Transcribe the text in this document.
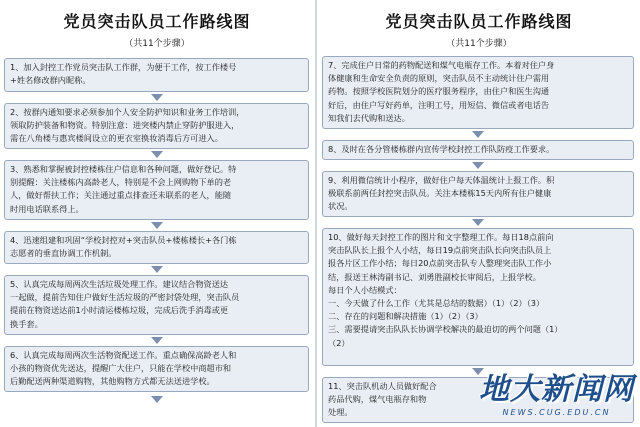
党员突击队员工作路线图
（共11个步骤）
1、加入封控工作党员突击队工作群，为便于工作，按工作楼号
+姓名修改群内昵称。
2、按群内通知要求必须参加个人安全防护知识和业务工作培训，
领取防护装备和物资。特别注意：进突楼内禁止穿防护服进入，
需在八角楼与惠宾楼间设立的更衣室换妆消毒后方可进入。
3、熟悉和掌握被封控楼栋住户信息和各种问题，做好登记。特
别提醒：关注楼栋内高龄老人，特别是不会上网购物下单的老
人，做好帮扶工作；关注通过重点排查还未联系的老人，能随
时用电话联系得上。
4、迅速组建和巩固“学校封控对+突击队员+楼栋楼长+各门栋
志愿者的垂直协调工作机制。
5、认真完成每周两次生活垃圾处理工作。建议结合物资送达
一起做，提前告知住户做好生活垃圾的严密封袋处理，突击队员
提前在物资送达前1小时清运楼栋垃圾，完成后洗手消毒或更
换手套。
6、认真完成每周两次生活物资配送工作。重点确保高龄老人和
小孩的物资优先送达，提醒广大住户，只能在学校中商超市和
后勤配送两种渠道购物，其他购物方式都无法送进学校。
党员突击队员工作路线图
（共11个步骤）
7、完成住户日常的药物配送和煤气电瓶存工作。本着对住户身
体健康和生命安全负责的原则，突击队员不主动统计住户需用
药物。按照学校医院划分的医疗服务程序，由住户和医生沟通
好后，由住户写好药单，注明工号，用短信、微信或者电话告
知我们去代购和送达。
8、及时在各分管楼栋群内宣传学校封控工作队防疫工作要求。
9、利用微信统计小程序，做好住户每天体温统计上报工作。积
极联系前两任封控突击队员。关注本楼栋15天内所有住户健康
状况。
10、做好每天封控工作的图片和文字整理工作。每日18点前向
突击队队长上报个人小结，每日19点前突击队长向突击队员上
报各片区工作小结；每日20点前突击队专人整理突击队工作小
结，报送王林涛副书记、刘勇胜副校长审阅后，上报学校。
每日个人小结模式：
一、今天做了什么工作（尤其是总结的数据）（1）（2）（3）
二、存在的问题和解决措施（1）（2）（3）
三、需要提请突击队队长协调学校解决的最迫切的两个问题（1）
（2）
11、突击队机动人员做好配合
药品代购，煤气电瓶存和物
处理。
地大新闻网
NEWS.CUG.EDU.CN
